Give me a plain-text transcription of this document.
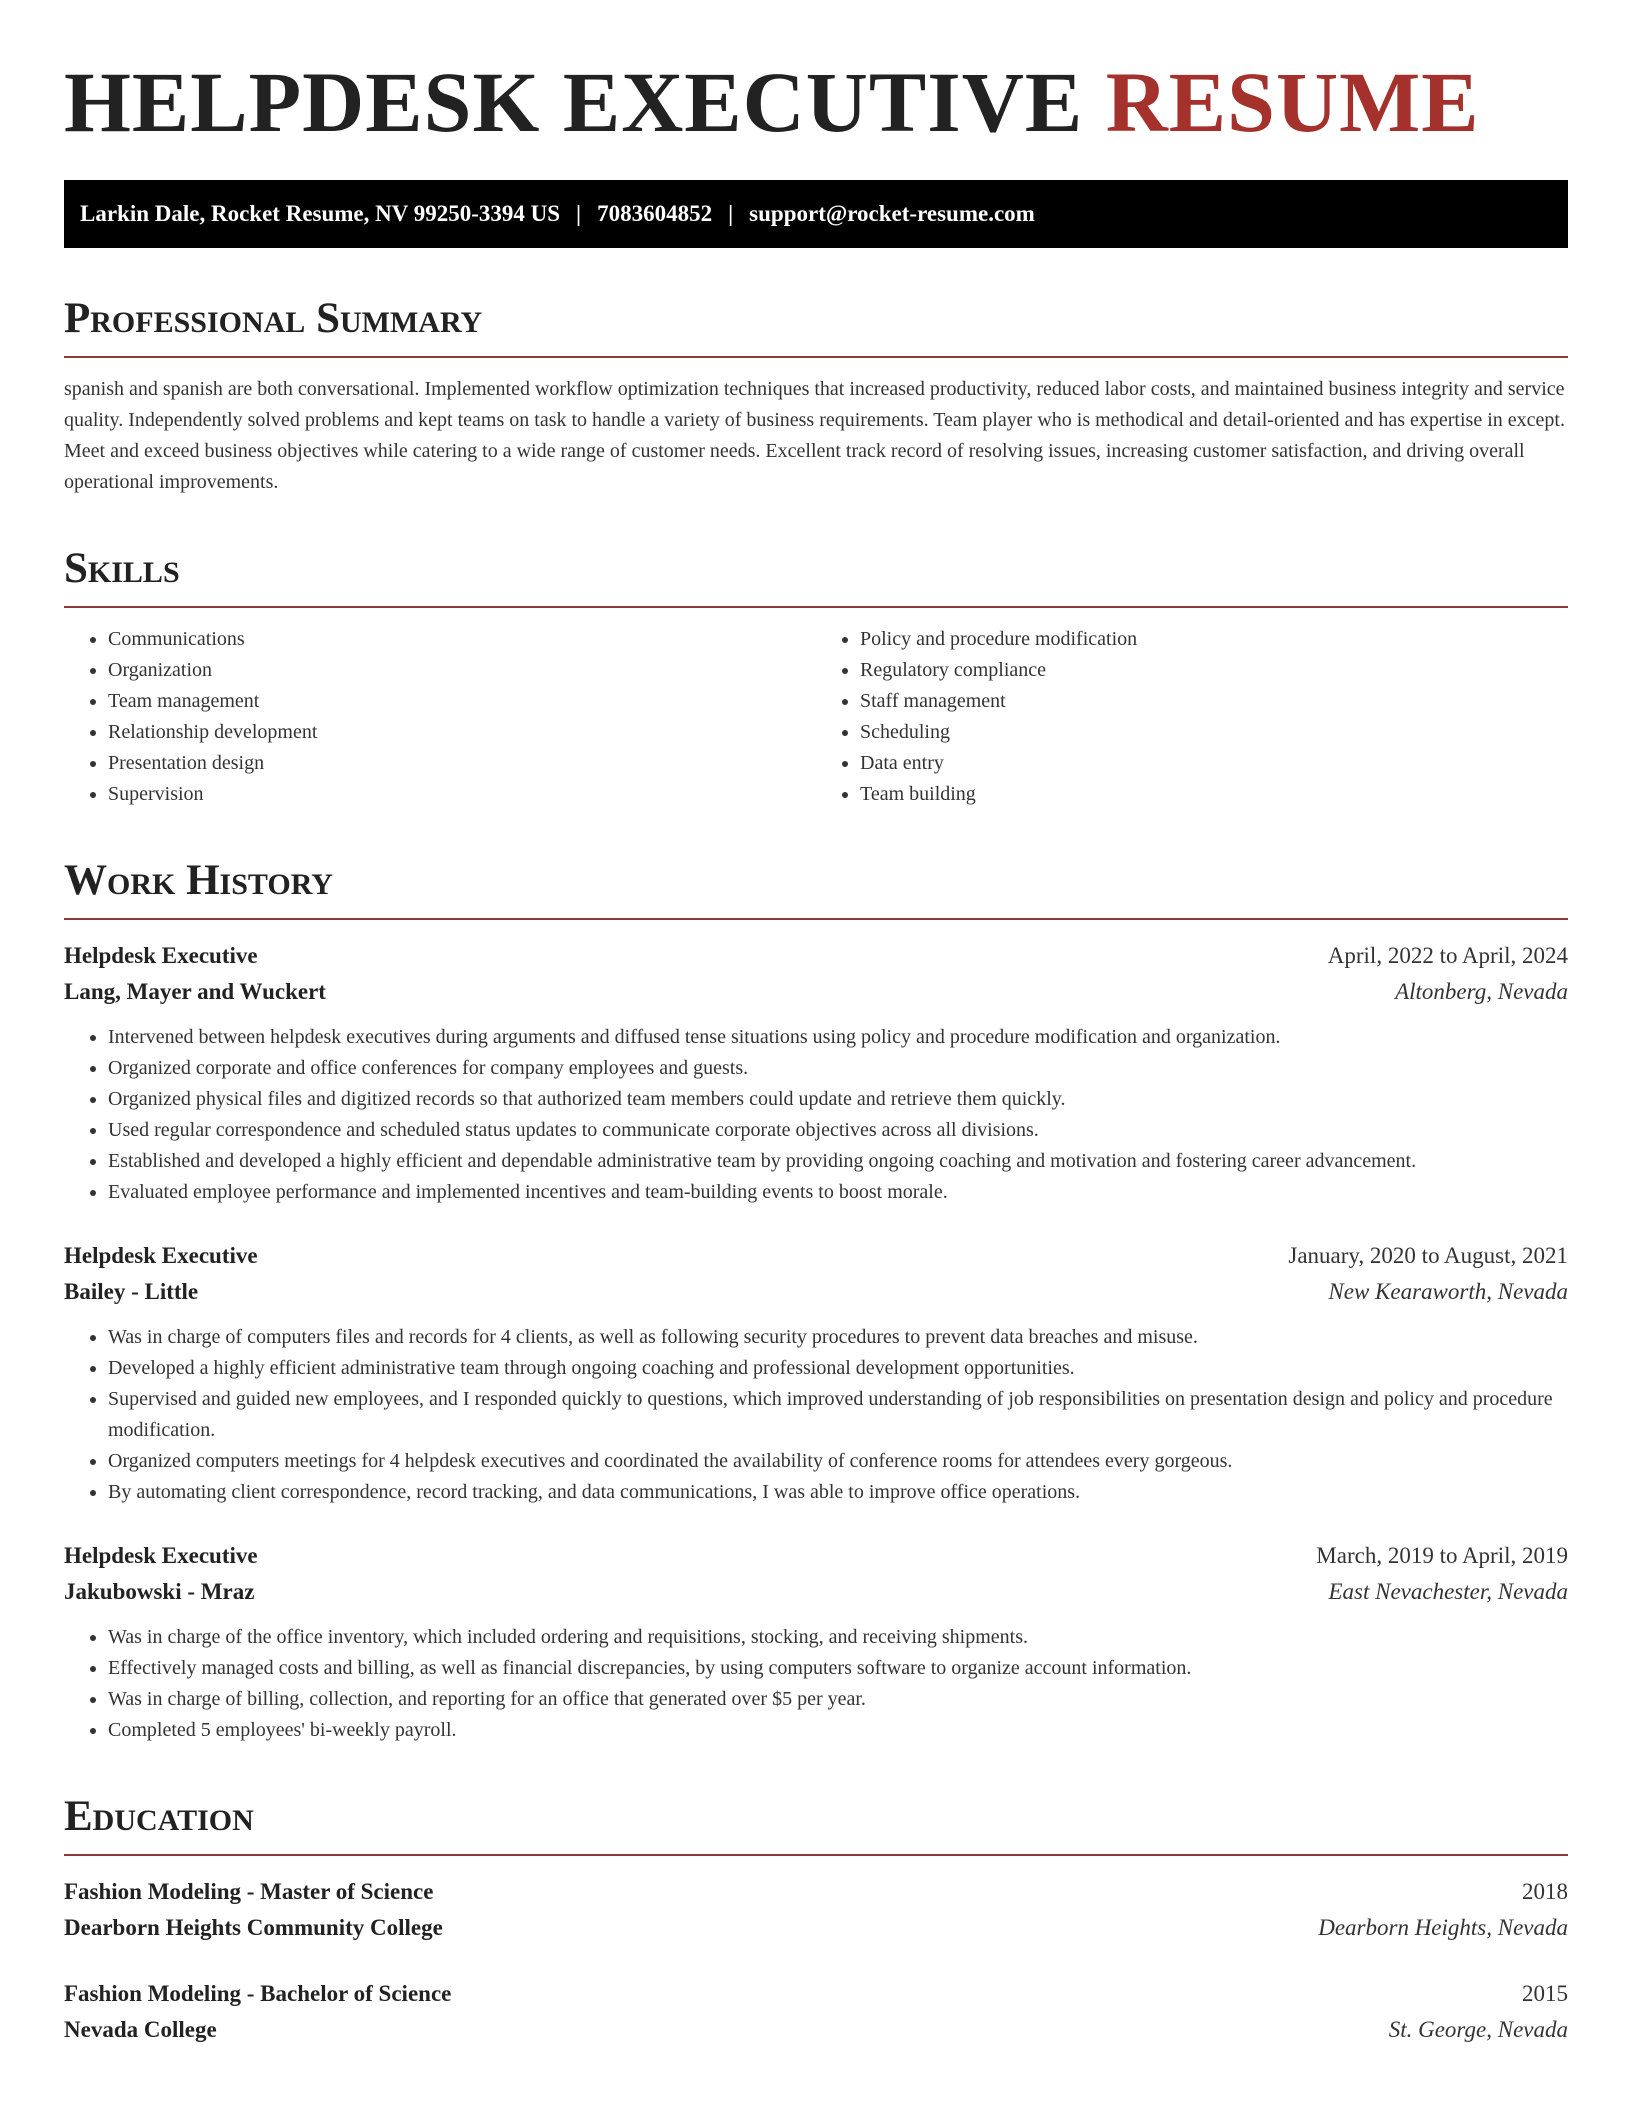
HELPDESK EXECUTIVE RESUME
Larkin Dale, Rocket Resume, NV 99250-3394 US | 7083604852 | support@rocket-resume.com
Professional Summary

spanish and spanish are both conversational. Implemented workflow optimization techniques that increased productivity, reduced labor costs, and maintained business integrity and service quality. Independently solved problems and kept teams on task to handle a variety of business requirements. Team player who is methodical and detail-oriented and has expertise in except. Meet and exceed business objectives while catering to a wide range of customer needs. Excellent track record of resolving issues, increasing customer satisfaction, and driving overall operational improvements.

Skills
• Communications
• Organization
• Team management
• Relationship development
• Presentation design
• Supervision
• Policy and procedure modification
• Regulatory compliance
• Staff management
• Scheduling
• Data entry
• Team building
Work History
Helpdesk Executive	April, 2022 to April, 2024
Lang, Mayer and Wuckert	Altonberg, Nevada
• Intervened between helpdesk executives during arguments and diffused tense situations using policy and procedure modification and organization.
• Organized corporate and office conferences for company employees and guests.
• Organized physical files and digitized records so that authorized team members could update and retrieve them quickly.
• Used regular correspondence and scheduled status updates to communicate corporate objectives across all divisions.
• Established and developed a highly efficient and dependable administrative team by providing ongoing coaching and motivation and fostering career advancement.
• Evaluated employee performance and implemented incentives and team-building events to boost morale.
Helpdesk Executive	January, 2020 to August, 2021
Bailey - Little	New Kearaworth, Nevada
• Was in charge of computers files and records for 4 clients, as well as following security procedures to prevent data breaches and misuse.
• Developed a highly efficient administrative team through ongoing coaching and professional development opportunities.
• Supervised and guided new employees, and I responded quickly to questions, which improved understanding of job responsibilities on presentation design and policy and procedure modification.
• Organized computers meetings for 4 helpdesk executives and coordinated the availability of conference rooms for attendees every gorgeous.
• By automating client correspondence, record tracking, and data communications, I was able to improve office operations.
Helpdesk Executive	March, 2019 to April, 2019
Jakubowski - Mraz	East Nevachester, Nevada
• Was in charge of the office inventory, which included ordering and requisitions, stocking, and receiving shipments.
• Effectively managed costs and billing, as well as financial discrepancies, by using computers software to organize account information.
• Was in charge of billing, collection, and reporting for an office that generated over $5 per year.
• Completed 5 employees' bi-weekly payroll.
Education
Fashion Modeling - Master of Science	2018
Dearborn Heights Community College	Dearborn Heights, Nevada
Fashion Modeling - Bachelor of Science	2015
Nevada College	St. George, Nevada
